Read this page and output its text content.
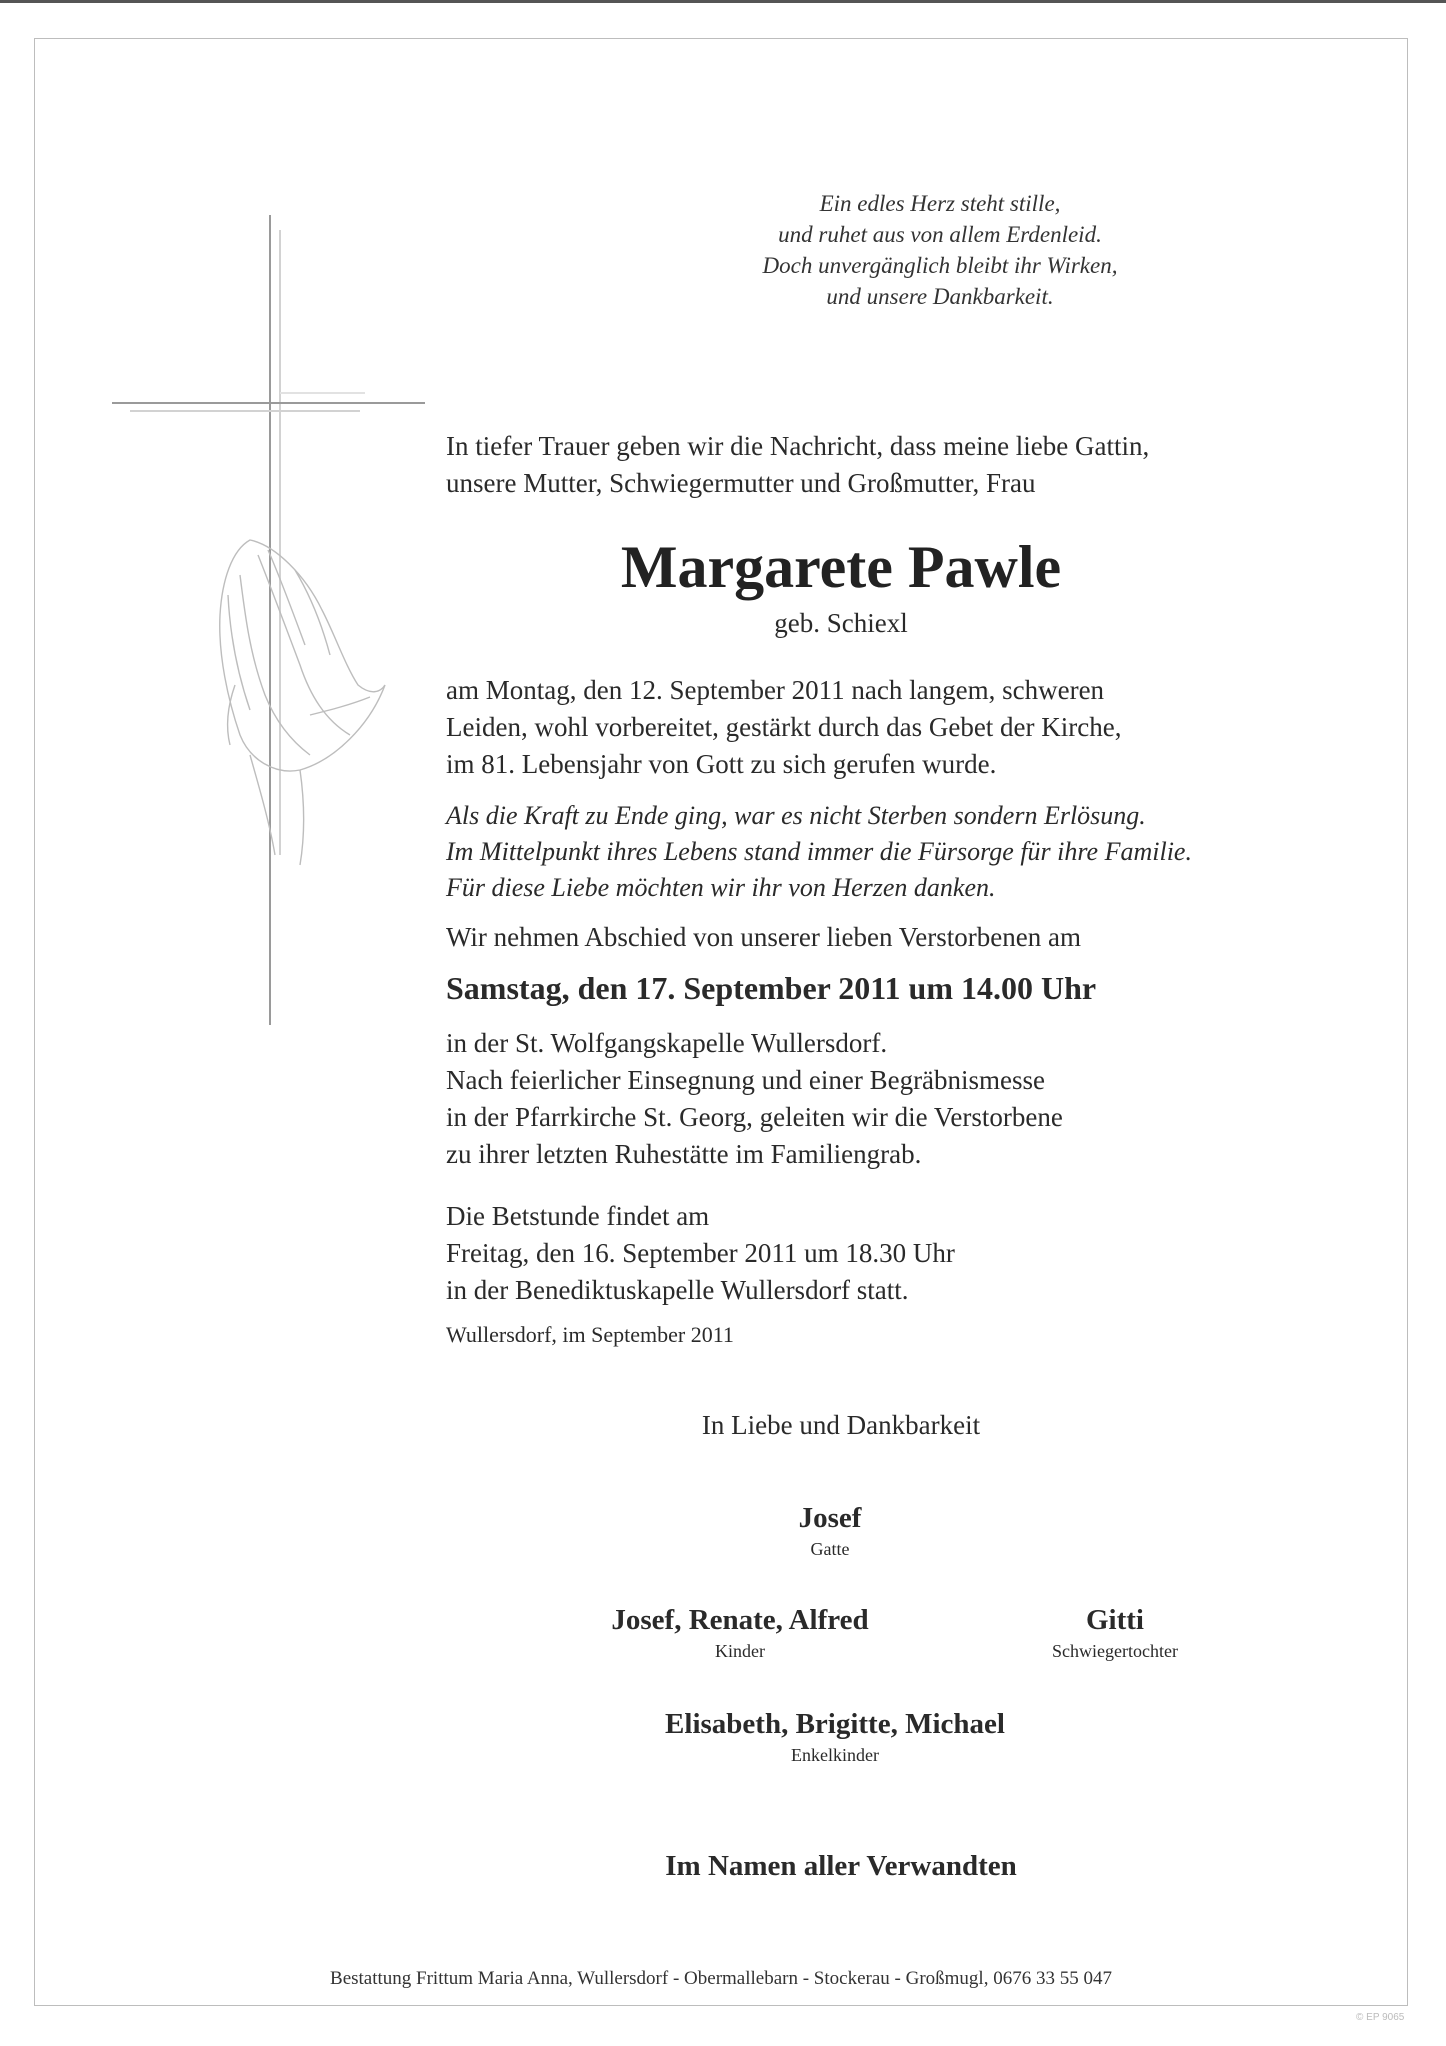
Ein edles Herz steht stille,
und ruhet aus von allem Erdenleid.
Doch unvergänglich bleibt ihr Wirken,
und unsere Dankbarkeit.
In tiefer Trauer geben wir die Nachricht, dass meine liebe Gattin,
unsere Mutter, Schwiegermutter und Großmutter, Frau
Margarete Pawle
geb. Schiexl
am Montag, den 12. September 2011 nach langem, schweren
Leiden, wohl vorbereitet, gestärkt durch das Gebet der Kirche,
im 81. Lebensjahr von Gott zu sich gerufen wurde.
Als die Kraft zu Ende ging, war es nicht Sterben sondern Erlösung.
Im Mittelpunkt ihres Lebens stand immer die Fürsorge für ihre Familie.
Für diese Liebe möchten wir ihr von Herzen danken.
Wir nehmen Abschied von unserer lieben Verstorbenen am
Samstag, den 17. September 2011 um 14.00 Uhr
in der St. Wolfgangskapelle Wullersdorf.
Nach feierlicher Einsegnung und einer Begräbnismesse
in der Pfarrkirche St. Georg, geleiten wir die Verstorbene
zu ihrer letzten Ruhestätte im Familiengrab.
Die Betstunde findet am
Freitag, den 16. September 2011 um 18.30 Uhr
in der Benediktuskapelle Wullersdorf statt.
Wullersdorf, im September 2011
In Liebe und Dankbarkeit
Josef
Gatte
Josef, Renate, Alfred
Kinder
Gitti
Schwiegertochter
Elisabeth, Brigitte, Michael
Enkelkinder
Im Namen aller Verwandten
Bestattung Frittum Maria Anna, Wullersdorf - Obermallebarn - Stockerau - Großmugl, 0676 33 55 047
© EP 9065
